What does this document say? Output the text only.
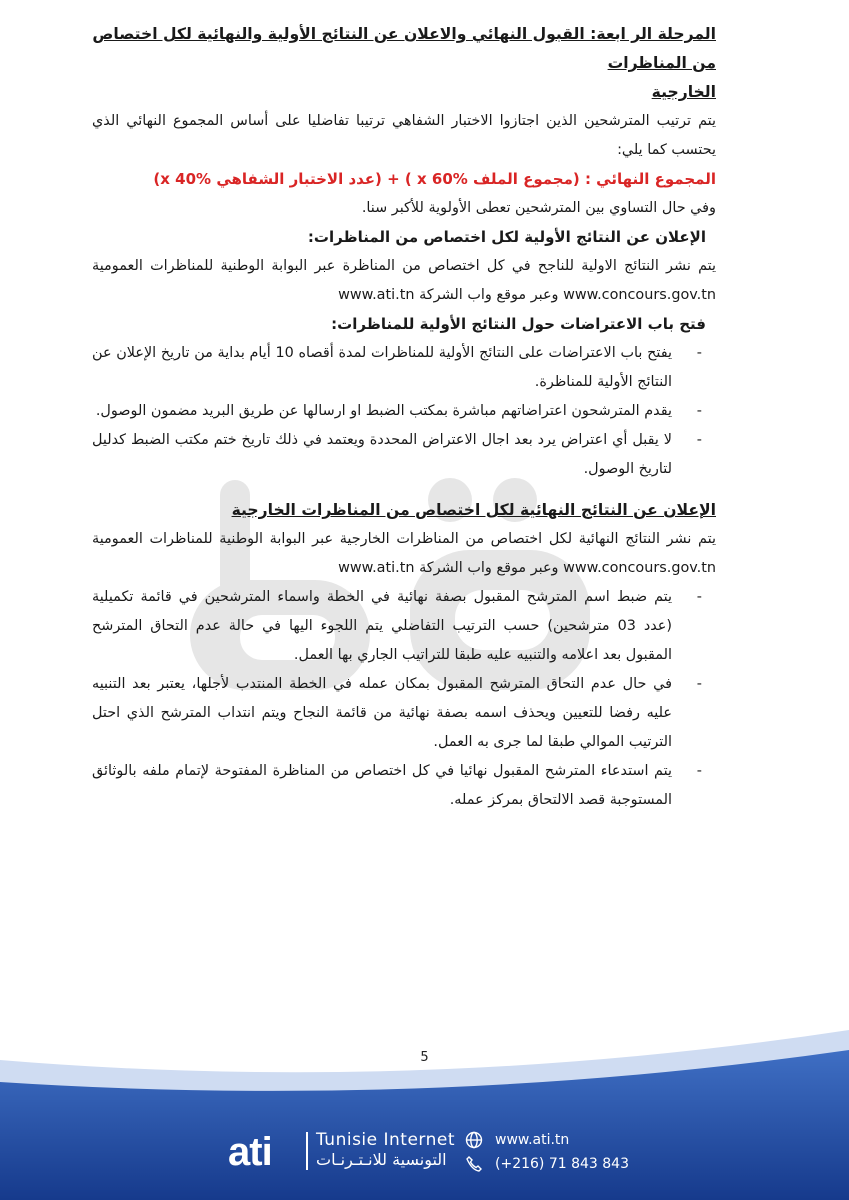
المرحلة الر ابعة: القبول النهائي والاعلان عن النتائج الأولية والنهائية لكل اختصاص من المناظرات
الخارجية

يتم ترتيب المترشحين الذين اجتازوا الاختبار الشفاهي ترتيبا تفاضليا على أساس المجموع النهائي الذي يحتسب كما يلي:

المجموع النهائي : (مجموع الملف x 60% ) + (عدد الاختبار الشفاهي x 40%)

وفي حال التساوي بين المترشحين تعطى الأولوية للأكبر سنا.

الإعلان عن النتائج الأولية لكل اختصاص من المناظرات:

يتم نشر النتائج الاولية للناجح في كل اختصاص من المناظرة عبر البوابة الوطنية للمناظرات العمومية www.concours.gov.tn وعبر موقع واب الشركة www.ati.tn

فتح باب الاعتراضات حول النتائج الأولية للمناظرات:

- يفتح باب الاعتراضات على النتائج الأولية للمناظرات لمدة أقصاه 10 أيام بداية من تاريخ الإعلان عن النتائج الأولية للمناظرة.
- يقدم المترشحون اعتراضاتهم مباشرة بمكتب الضبط او ارسالها عن طريق البريد مضمون الوصول.
- لا يقبل أي اعتراض يرد بعد اجال الاعتراض المحددة ويعتمد في ذلك تاريخ ختم مكتب الضبط كدليل لتاريخ الوصول.

الإعلان عن النتائج النهائية لكل اختصاص من المناظرات الخارجية

يتم نشر النتائج النهائية لكل اختصاص من المناظرات الخارجية عبر البوابة الوطنية للمناظرات العمومية www.concours.gov.tn وعبر موقع واب الشركة www.ati.tn

- يتم ضبط اسم المترشح المقبول بصفة نهائية في الخطة واسماء المترشحين في قائمة تكميلية (عدد 03 مترشحين) حسب الترتيب التفاضلي يتم اللجوء اليها في حالة عدم التحاق المترشح المقبول بعد اعلامه والتنبيه عليه طبقا للتراتيب الجاري بها العمل.
- في حال عدم التحاق المترشح المقبول بمكان عمله في الخطة المنتدب لأجلها، يعتبر بعد التنبيه عليه رفضا للتعيين ويحذف اسمه بصفة نهائية من قائمة النجاح ويتم انتداب المترشح الذي احتل الترتيب الموالي طبقا لما جرى به العمل.
- يتم استدعاء المترشح المقبول نهائيا في كل اختصاص من المناظرة المفتوحة لإتمام ملفه بالوثائق المستوجبة قصد الالتحاق بمركز عمله.
5
ati	Tunisie Internet
التونسية للانـتـرنـات
www.ati.tn
(+216) 71 843 843
